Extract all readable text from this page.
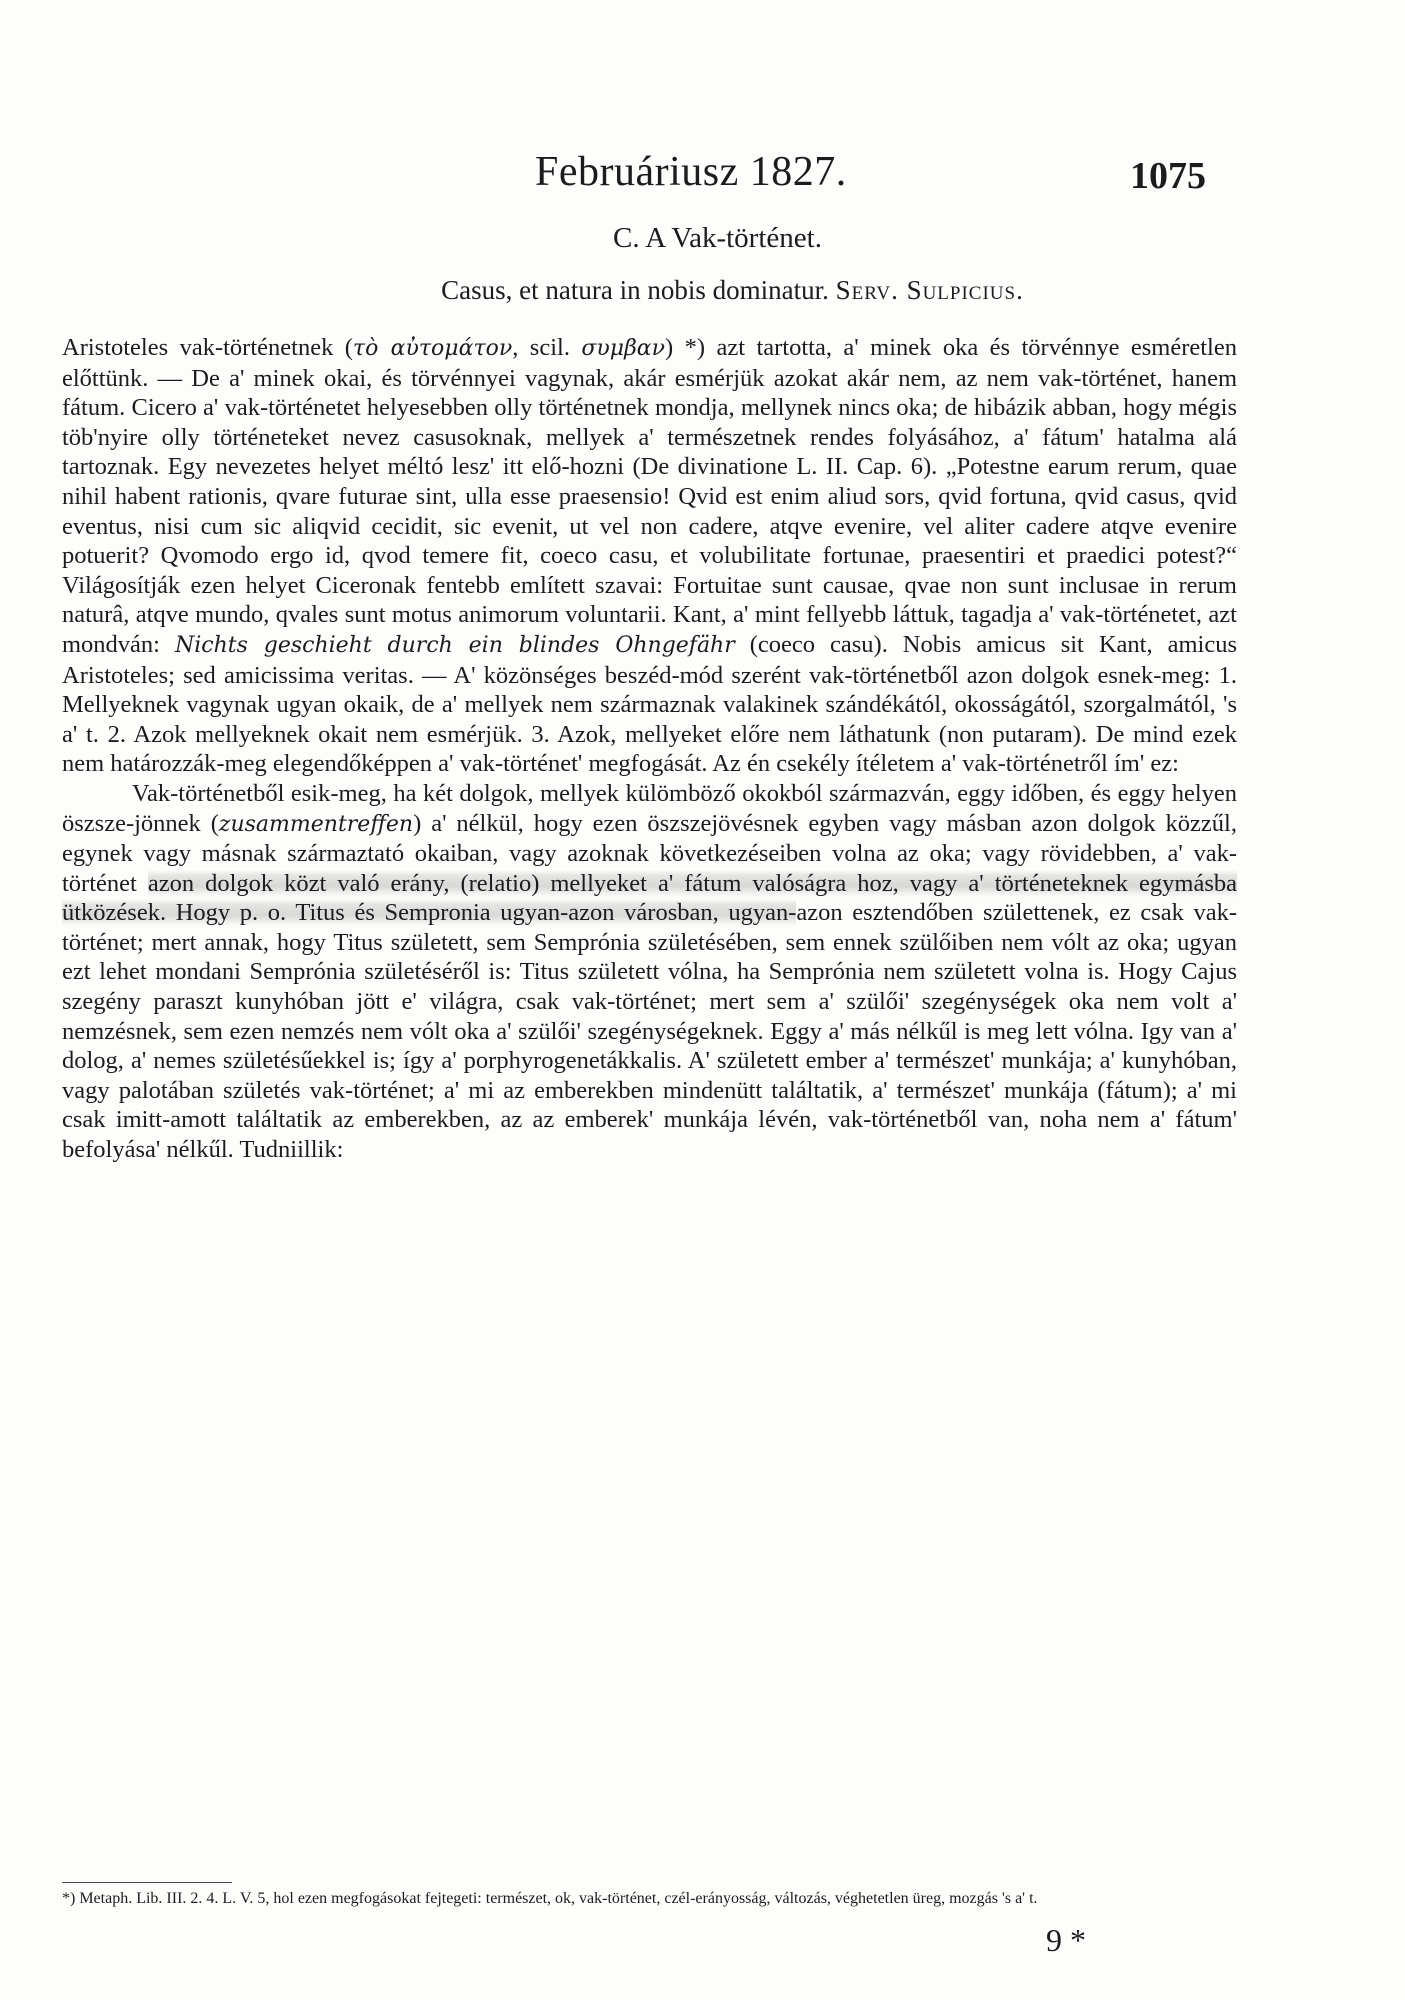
Februáriusz 1827.	1075
C. A Vak-történet.
Casus, et natura in nobis dominatur. Serv. Sulpicius.

Aristoteles vak-történetnek (τὸ αὐτομάτον, scil. συμβαν) *) azt tartotta, a' minek oka és törvénnye esméretlen előttünk. — De a' minek okai, és törvénnyei vagynak, akár esmérjük azokat akár nem, az nem vak-történet, hanem fátum. Cicero a' vak-történetet helyesebben olly történetnek mondja, mellynek nincs oka; de hibázik abban, hogy mégis töb'nyire olly történeteket nevez casusoknak, mellyek a' természetnek rendes folyásához, a' fátum' hatalma alá tartoznak. Egy nevezetes helyet méltó lesz' itt elő-hozni (De divinatione L. II. Cap. 6). „Potestne earum rerum, quae nihil habent rationis, qvare futurae sint, ulla esse praesensio! Qvid est enim aliud sors, qvid fortuna, qvid casus, qvid eventus, nisi cum sic aliqvid cecidit, sic evenit, ut vel non cadere, atqve evenire, vel aliter cadere atqve evenire potuerit? Qvomodo ergo id, qvod temere fit, coeco casu, et volubilitate fortunae, praesentiri et praedici potest?“ Világosítják ezen helyet Ciceronak fentebb említett szavai: Fortuitae sunt causae, qvae non sunt inclusae in rerum naturâ, atqve mundo, qvales sunt motus animorum voluntarii. Kant, a' mint fellyebb láttuk, tagadja a' vak-történetet, azt mondván: Nichts geschieht durch ein blindes Ohngefähr (coeco casu). Nobis amicus sit Kant, amicus Aristoteles; sed amicissima veritas. — A' közönséges beszéd-mód szerént vak-történetből azon dolgok esnek-meg: 1. Mellyeknek vagynak ugyan okaik, de a' mellyek nem származnak valakinek szándékától, okosságától, szorgalmától, 's a' t. 2. Azok mellyeknek okait nem esmérjük. 3. Azok, mellyeket előre nem láthatunk (non putaram). De mind ezek nem határozzák-meg elegendőképpen a' vak-történet' megfogását. Az én csekély ítéletem a' vak-történetről ím' ez:

Vak-történetből esik-meg, ha két dolgok, mellyek külömböző okokból származván, eggy időben, és eggy helyen öszsze-jönnek (zusammentreffen) a' nélkül, hogy ezen öszszejövésnek egyben vagy másban azon dolgok közzűl, egynek vagy másnak származtató okaiban, vagy azoknak következéseiben volna az oka; vagy rövidebben, a' vak-történet azon dolgok közt való erány, (relatio) mellyeket a' fátum valóságra hoz, vagy a' történeteknek egymásba ütközések. Hogy p. o. Titus és Sempronia ugyan-azon városban, ugyan-azon esztendőben születtenek, ez csak vak-történet; mert annak, hogy Titus született, sem Semprónia születésében, sem ennek szülőiben nem vólt az oka; ugyan ezt lehet mondani Semprónia születéséről is: Titus született vólna, ha Semprónia nem született volna is. Hogy Cajus szegény paraszt kunyhóban jött e' világra, csak vak-történet; mert sem a' szülői' szegénységek oka nem volt a' nemzésnek, sem ezen nemzés nem vólt oka a' szülői' szegénységeknek. Eggy a' más nélkűl is meg lett vólna. Igy van a' dolog, a' nemes születésűekkel is; így a' porphyrogenetákkalis. A' született ember a' természet' munkája; a' kunyhóban, vagy palotában születés vak-történet; a' mi az emberekben mindenütt találtatik, a' természet' munkája (fátum); a' mi csak imitt-amott találtatik az emberekben, az az emberek' munkája lévén, vak-történetből van, noha nem a' fátum' befolyása' nélkűl. Tudniillik:

*) Metaph. Lib. III. 2. 4. L. V. 5, hol ezen megfogásokat fejtegeti: természet, ok, vak-történet, czél-erányosság, változás, véghetetlen üreg, mozgás 's a' t.
9 *
